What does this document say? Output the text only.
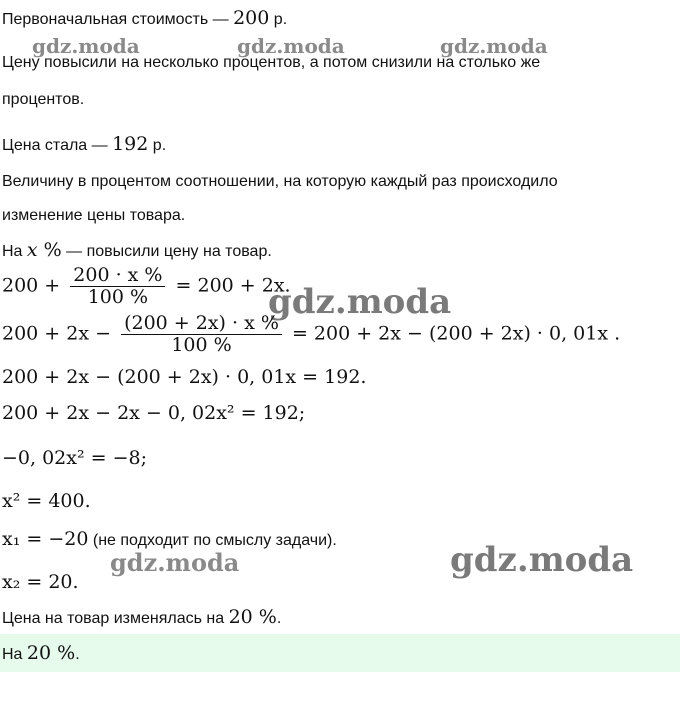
Первоначальная стоимость — 200 р.
gdz.moda	gdz.moda	gdz.moda
Цену повысили на несколько процентов, а потом снизили на столько же
процентов.
Цена стала — 192 р.
Величину в процентом соотношении, на которую каждый раз происходило
изменение цены товара.
На x % — повысили цену на товар.
$200 + \frac{200 \cdot x \%}{100 \%} = 200 + 2x$.
gdz.moda
$200 + 2x - \frac{(200 + 2x) \cdot x \%}{100 \%} = 200 + 2x - (200 + 2x) \cdot 0$, 01x .
200 + 2x − (200 + 2x) · 0, 01x = 192.
200 + 2x − 2x − 0, 02x² = 192;
−0, 02x² = −8;
x² = 400.
x₁ = −20 (не подходит по смыслу задачи).
gdz.moda	gdz.moda
x₂ = 20.
Цена на товар изменялась на 20 %.
На 20 %.
